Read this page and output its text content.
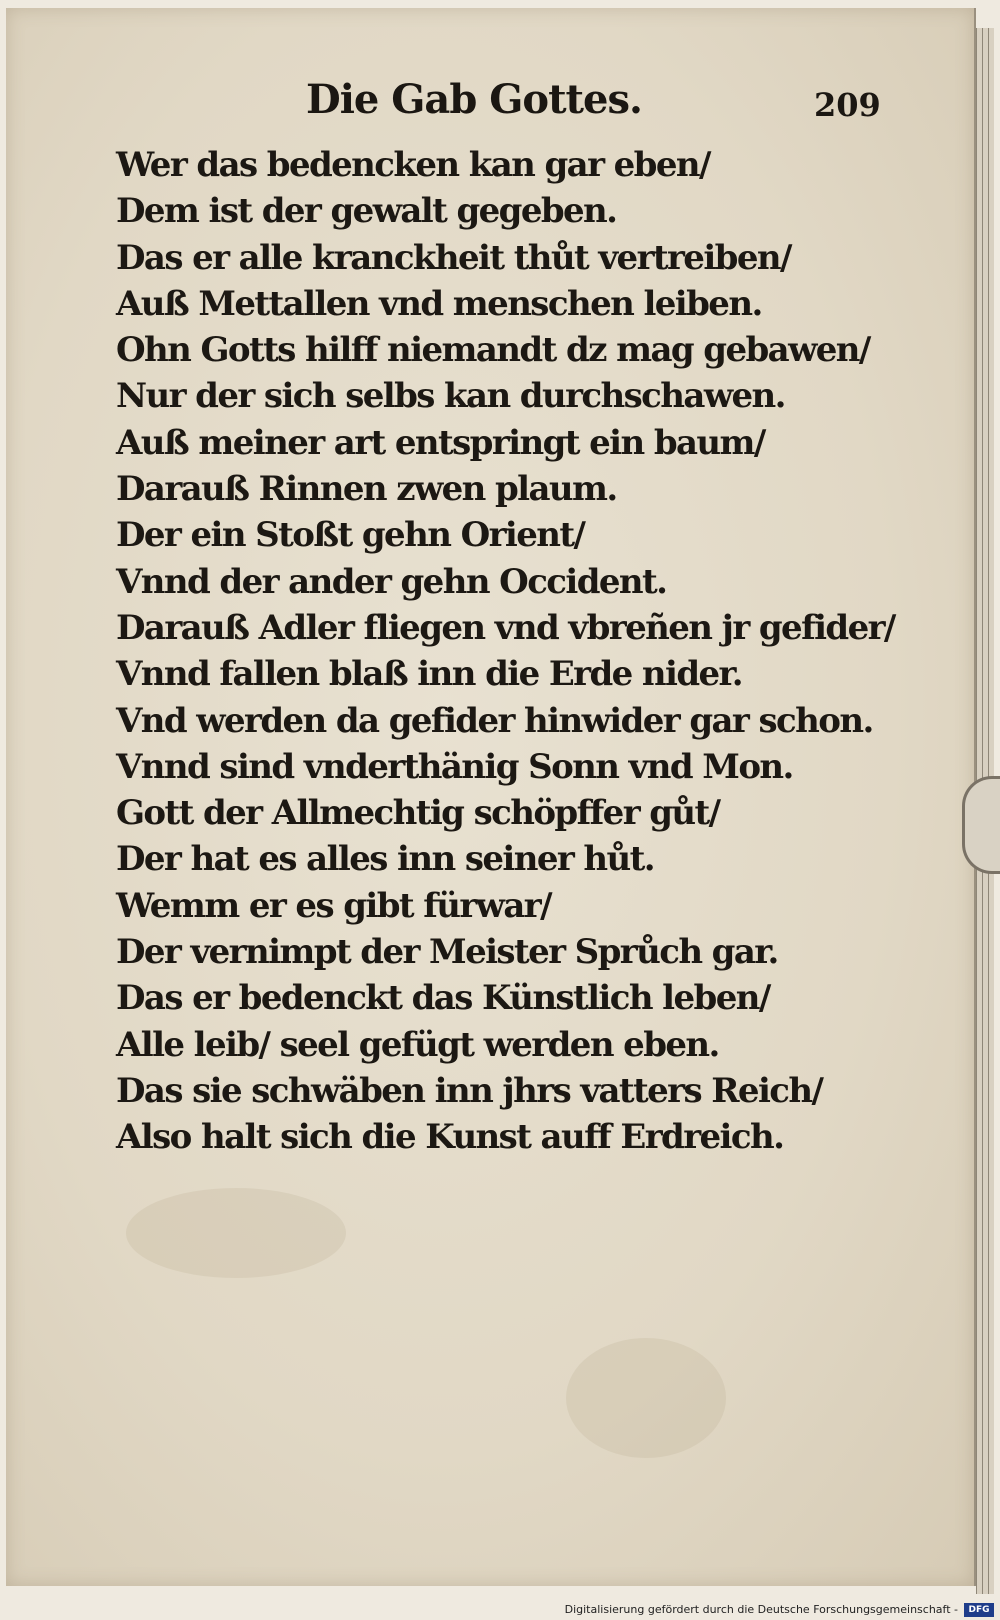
Die Gab Gottes.	209
Wer das bedencken kan gar eben/
Dem ist der gewalt gegeben.
Das er alle kranckheit thůt vertreiben/
Auß Mettallen vnd menschen leiben.
Ohn Gotts hilff niemandt dz mag gebawen/
Nur der sich selbs kan durchschawen.
Auß meiner art entspringt ein baum/
Darauß Rinnen zwen plaum.
Der ein Stoßt gehn Orient/
Vnnd der ander gehn Occident.
Darauß Adler fliegen vnd vbreñen jr gefider/
Vnnd fallen blaß inn die Erde nider.
Vnd werden da gefider hinwider gar schon.
Vnnd sind vnderthänig Sonn vnd Mon.
Gott der Allmechtig schöpffer gůt/
Der hat es alles inn seiner hůt.
Wemm er es gibt fürwar/
Der vernimpt der Meister Sprůch gar.
Das er bedenckt das Künstlich leben/
Alle leib/ seel gefügt werden eben.
Das sie schwäben inn jhrs vatters Reich/
Also halt sich die Kunst auff Erdreich.
Digitalisierung gefördert durch die Deutsche Forschungsgemeinschaft -	DFG
